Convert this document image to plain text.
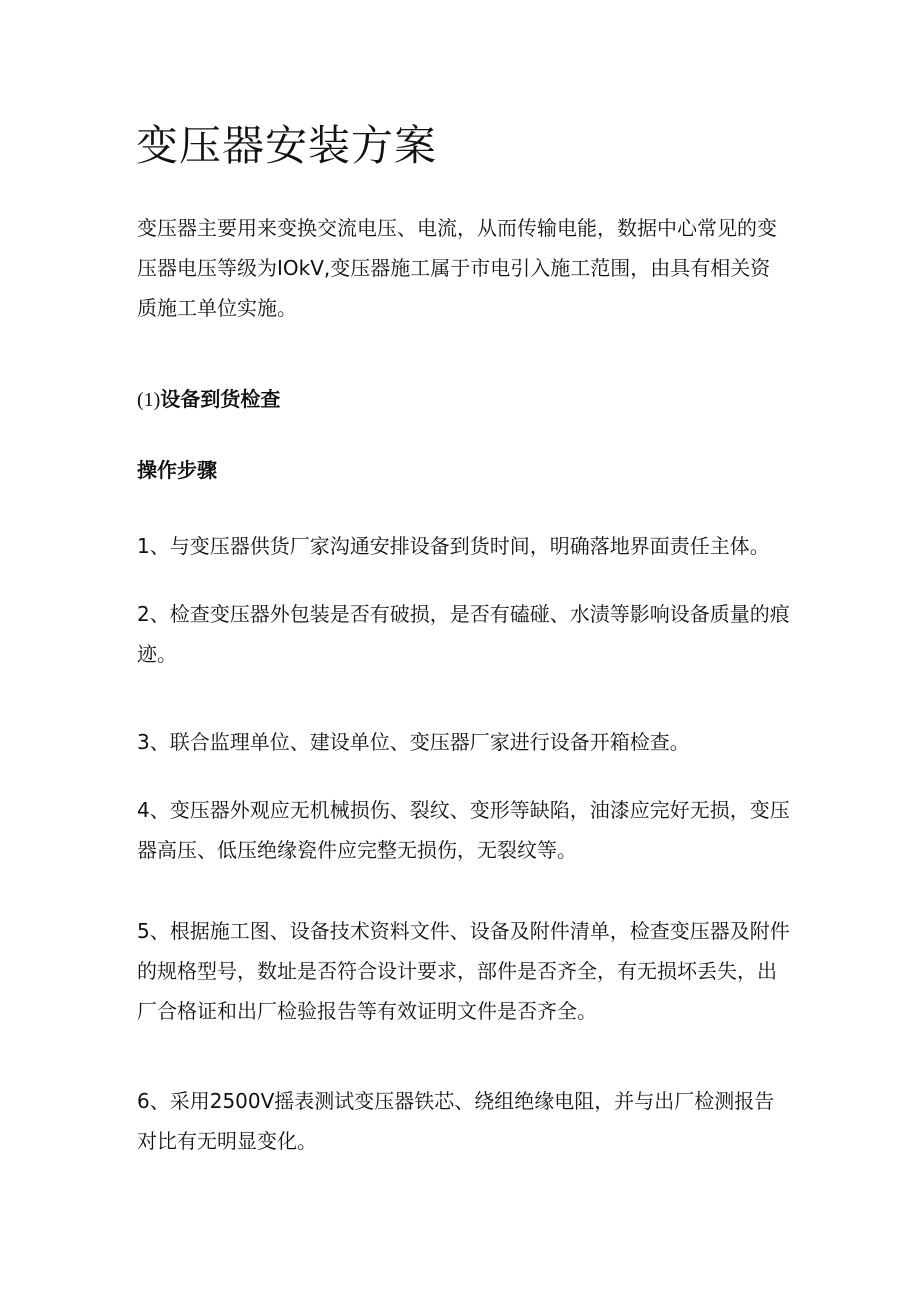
变压器安装方案

变压器主要用来变换交流电压、电流，从而传输电能，数据中心常见的变
压器电压等级为IOkV,变压器施工属于市电引入施工范围，由具有相关资
质施工单位实施。

(1)设备到货检查
操作步骤

1、与变压器供货厂家沟通安排设备到货时间，明确落地界面责任主体。

2、检查变压器外包装是否有破损，是否有磕碰、水渍等影响设备质量的痕
迹。

3、联合监理单位、建设单位、变压器厂家进行设备开箱检查。

4、变压器外观应无机械损伤、裂纹、变形等缺陷，油漆应完好无损，变压
器高压、低压绝缘瓷件应完整无损伤，无裂纹等。

5、根据施工图、设备技术资料文件、设备及附件清单，检查变压器及附件
的规格型号，数址是否符合设计要求，部件是否齐全，有无损坏丢失，出
厂合格证和出厂检验报告等有效证明文件是否齐全。

6、采用2500V摇表测试变压器铁芯、绕组绝缘电阻，并与出厂检测报告
对比有无明显变化。
